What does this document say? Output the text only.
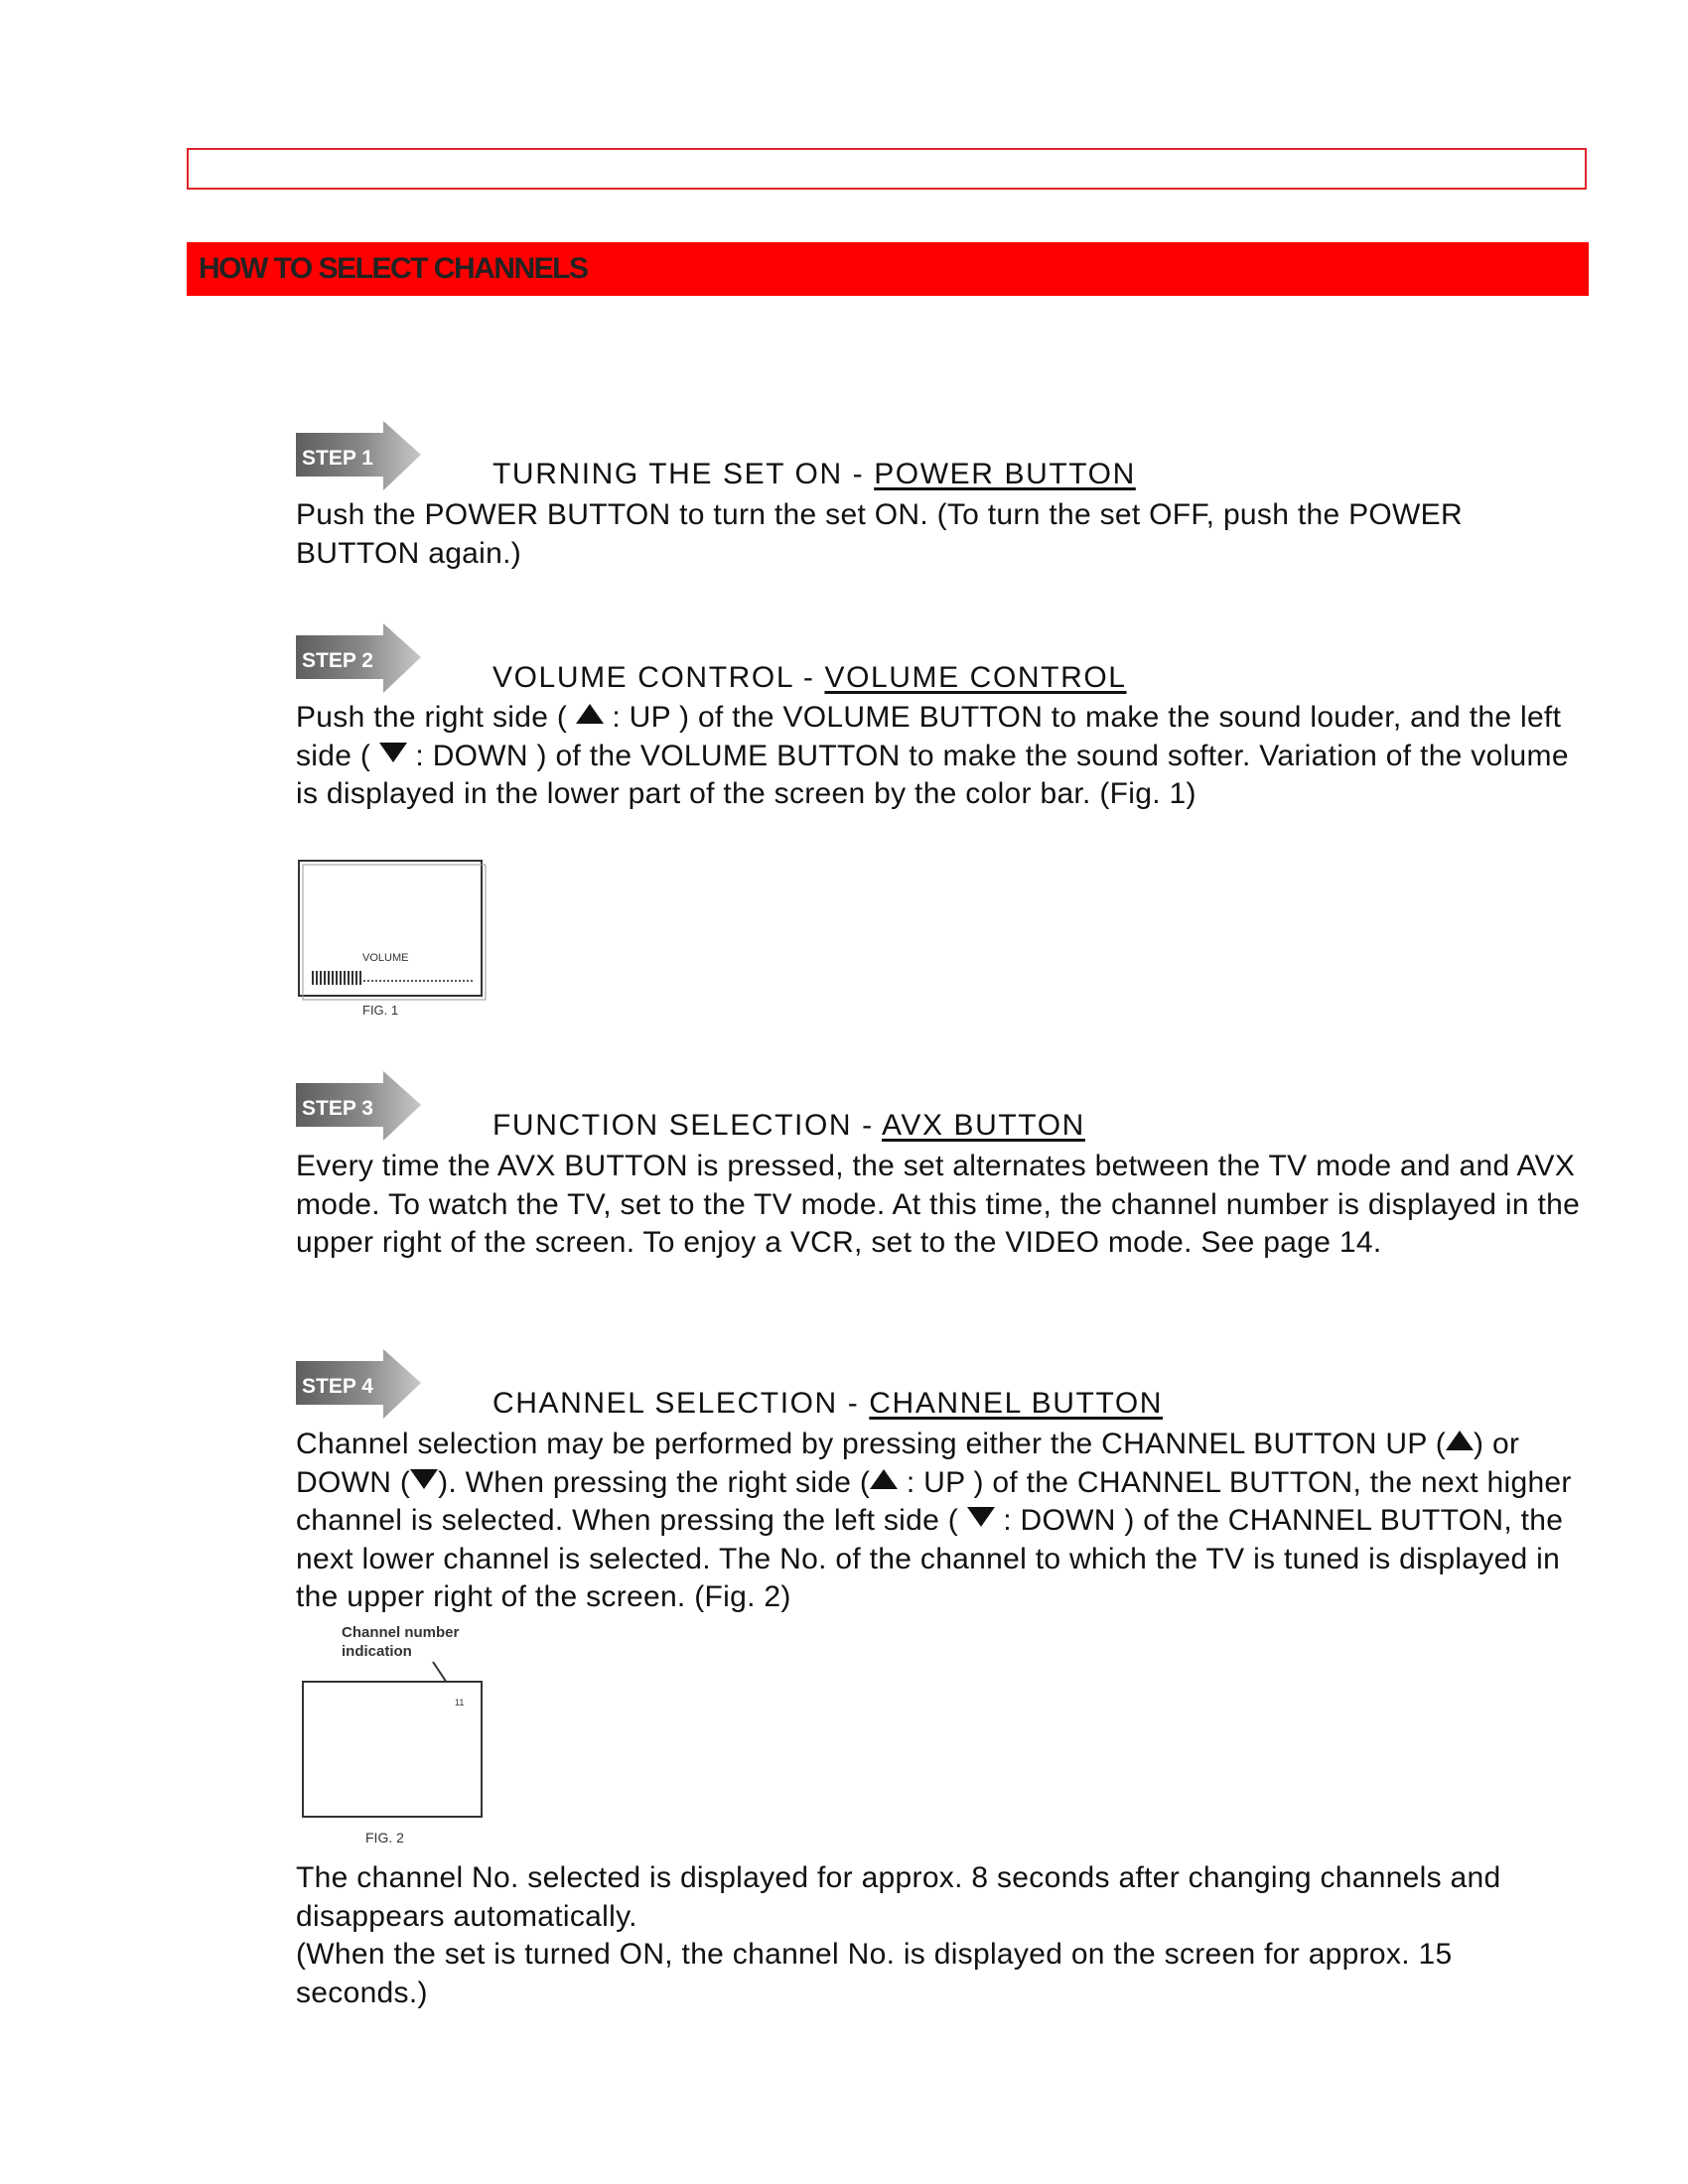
HOW TO SELECT CHANNELS
STEP 1	TURNING THE SET ON - POWER BUTTON

Push the POWER BUTTON to turn the set ON. (To turn the set OFF, push the POWER BUTTON again.)

STEP 2
VOLUME CONTROL - VOLUME CONTROL

Push the right side (  : UP ) of the VOLUME BUTTON to make the sound louder, and the left side (  : DOWN ) of the VOLUME BUTTON to make the sound softer. Variation of the volume is displayed in the lower part of the screen by the color bar. (Fig. 1)

VOLUME
FIG. 1
STEP 3
FUNCTION SELECTION - AVX BUTTON

Every time the AVX BUTTON is pressed, the set alternates between the TV mode and and AVX mode. To watch the TV, set to the TV mode. At this time, the channel number is displayed in the upper right of the screen. To enjoy a VCR, set to the VIDEO mode. See page 14.

STEP 4
CHANNEL SELECTION - CHANNEL BUTTON

Channel selection may be performed by pressing either the CHANNEL BUTTON UP ( ) or DOWN ( ). When pressing the right side ( : UP ) of the CHANNEL BUTTON, the next higher channel is selected. When pressing the left side (  : DOWN ) of the CHANNEL BUTTON, the next lower channel is selected. The No. of the channel to which the TV is tuned is displayed in the upper right of the screen. (Fig. 2)

Channel number
indication
11
FIG. 2

The channel No. selected is displayed for approx. 8 seconds after changing channels and disappears automatically.

(When the set is turned ON, the channel No. is displayed on the screen for approx. 15 seconds.)
